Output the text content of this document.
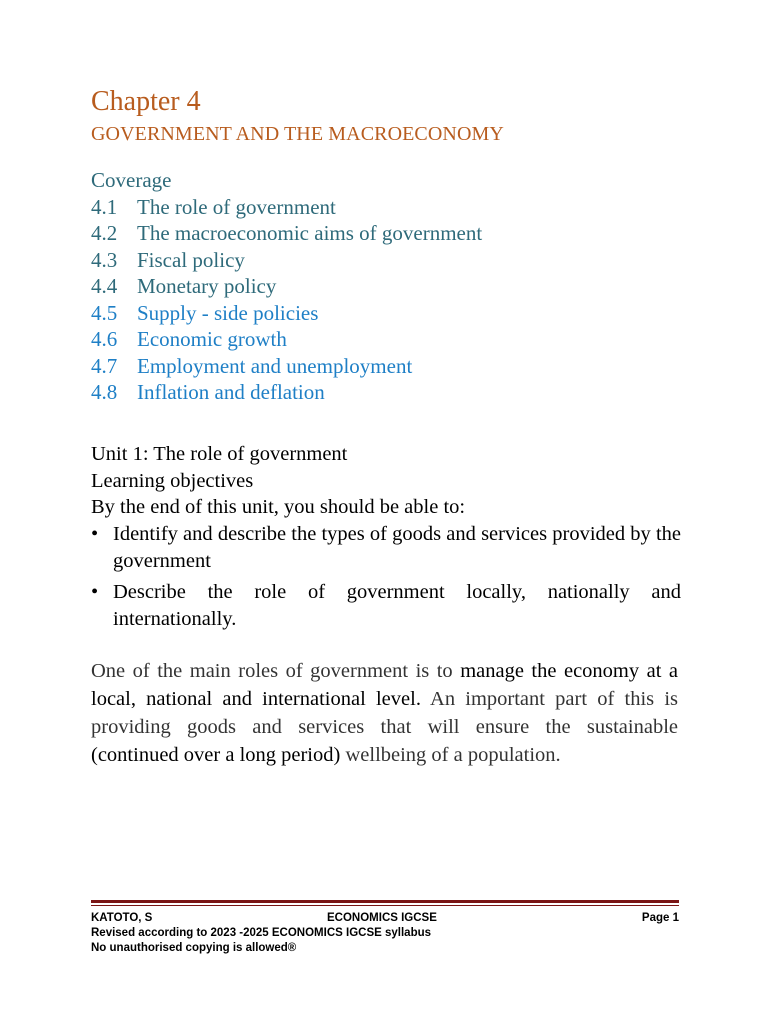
Chapter 4
GOVERNMENT AND THE MACROECONOMY
Coverage
4.1 The role of government
4.2 The macroeconomic aims of government
4.3 Fiscal policy
4.4 Monetary policy
4.5 Supply - side policies
4.6 Economic growth
4.7 Employment and unemployment
4.8 Inflation and deflation

Unit 1: The role of government

Learning objectives

By the end of this unit, you should be able to:

• Identify and describe the types of goods and services provided by the government
• Describe the role of government locally, nationally and internationally.

One of the main roles of government is to manage the economy at a local, national and international level. An important part of this is providing goods and services that will ensure the sustainable (continued over a long period) wellbeing of a population.

KATOTO, S	ECONOMICS IGCSE	Page 1
Revised according to 2023 -2025 ECONOMICS IGCSE syllabus
No unauthorised copying is allowed®
